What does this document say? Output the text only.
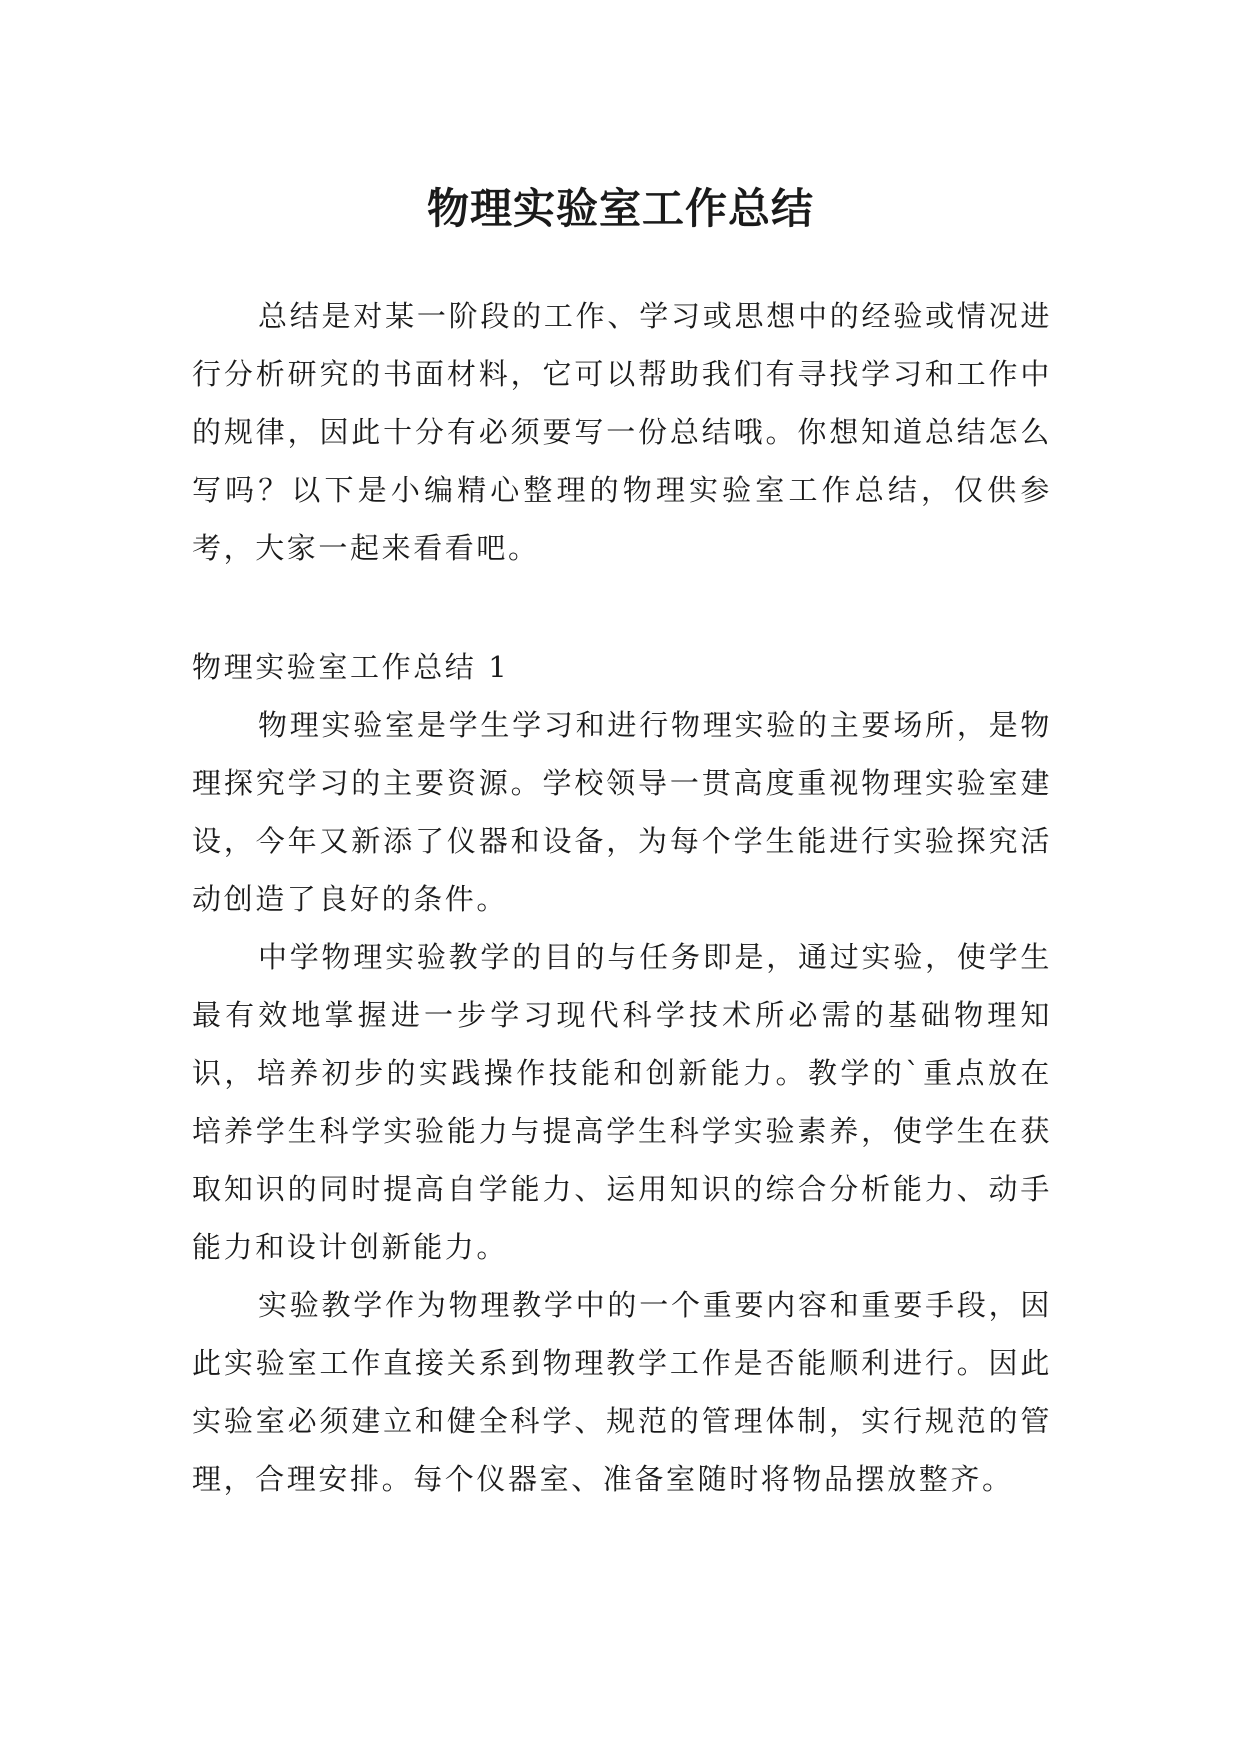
物理实验室工作总结

总结是对某一阶段的工作、学习或思想中的经验或情况进行分析研究的书面材料，它可以帮助我们有寻找学习和工作中的规律，因此十分有必须要写一份总结哦。你想知道总结怎么写吗？以下是小编精心整理的物理实验室工作总结，仅供参考，大家一起来看看吧。

物理实验室工作总结 1

物理实验室是学生学习和进行物理实验的主要场所，是物理探究学习的主要资源。学校领导一贯高度重视物理实验室建设，今年又新添了仪器和设备，为每个学生能进行实验探究活动创造了良好的条件。

中学物理实验教学的目的与任务即是，通过实验，使学生最有效地掌握进一步学习现代科学技术所必需的基础物理知识，培养初步的实践操作技能和创新能力。教学的`重点放在培养学生科学实验能力与提高学生科学实验素养，使学生在获取知识的同时提高自学能力、运用知识的综合分析能力、动手能力和设计创新能力。

实验教学作为物理教学中的一个重要内容和重要手段，因此实验室工作直接关系到物理教学工作是否能顺利进行。因此实验室必须建立和健全科学、规范的管理体制，实行规范的管理，合理安排。每个仪器室、准备室随时将物品摆放整齐。
